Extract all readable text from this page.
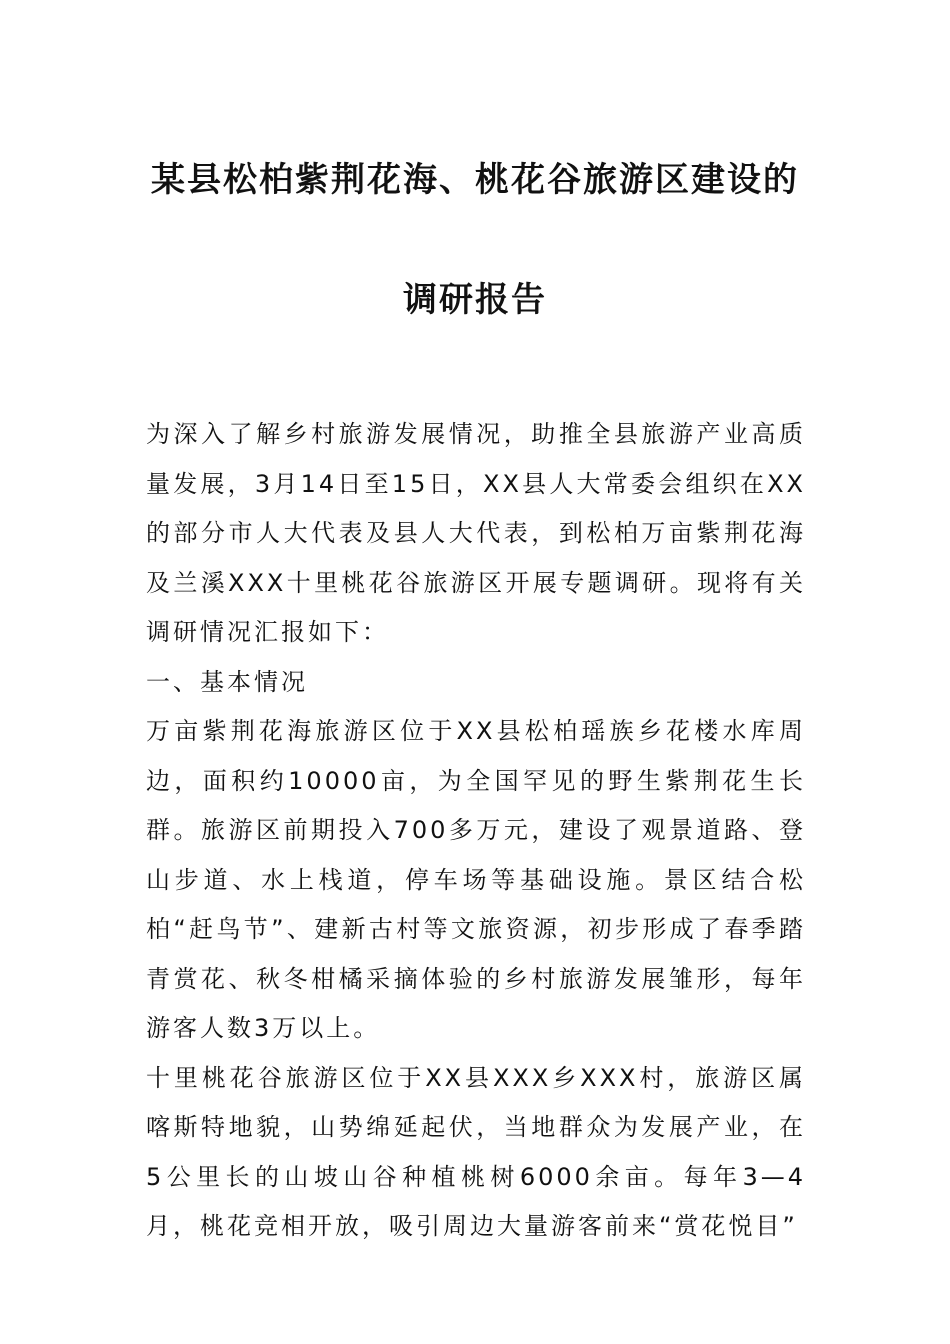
某县松柏紫荆花海、桃花谷旅游区建设的
调研报告

为深入了解乡村旅游发展情况，助推全县旅游产业高质量发展，3月14日至15日，XX县人大常委会组织在XX的部分市人大代表及县人大代表，到松柏万亩紫荆花海及兰溪XXX十里桃花谷旅游区开展专题调研。现将有关调研情况汇报如下：

一、基本情况

万亩紫荆花海旅游区位于XX县松柏瑶族乡花楼水库周边，面积约10000亩，为全国罕见的野生紫荆花生长群。旅游区前期投入700多万元，建设了观景道路、登山步道、水上栈道，停车场等基础设施。景区结合松柏“赶鸟节”、建新古村等文旅资源，初步形成了春季踏青赏花、秋冬柑橘采摘体验的乡村旅游发展雏形，每年游客人数3万以上。

十里桃花谷旅游区位于XX县XXX乡XXX村，旅游区属喀斯特地貌，山势绵延起伏，当地群众为发展产业，在5公里长的山坡山谷种植桃树6000余亩。每年3—4月，桃花竞相开放，吸引周边大量游客前来“赏花悦目”
